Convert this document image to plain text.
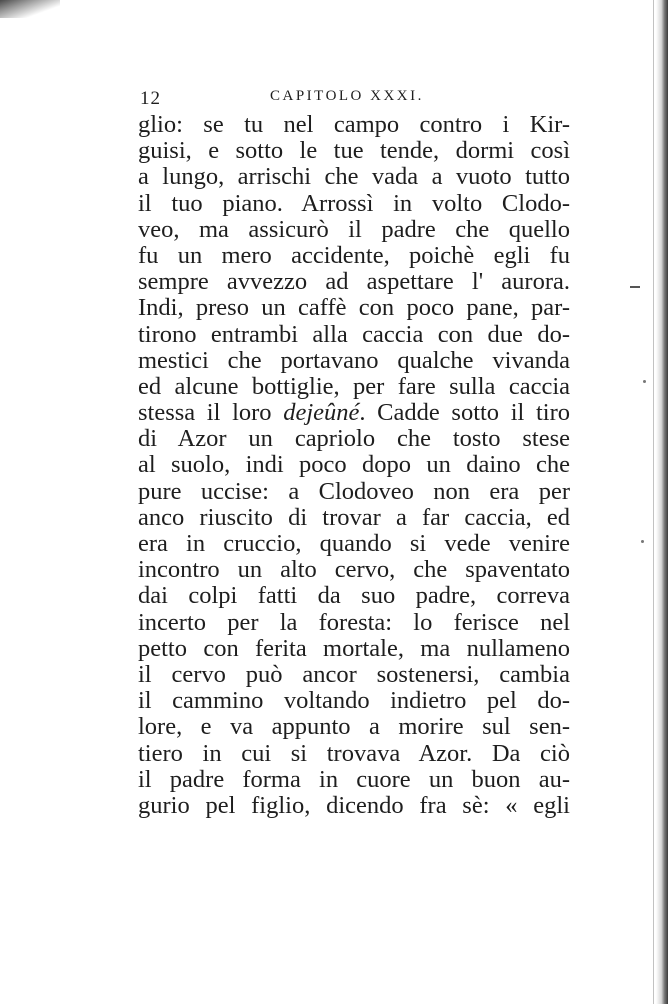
12	CAPITOLO XXXI.
glio: se tu nel campo contro i Kir-
guisi, e sotto le tue tende, dormi così
a lungo, arrischi che vada a vuoto tutto
il tuo piano. Arrossì in volto Clodo-
veo, ma assicurò il padre che quello
fu un mero accidente, poichè egli fu
sempre avvezzo ad aspettare l' aurora.
Indi, preso un caffè con poco pane, par-
tirono entrambi alla caccia con due do-
mestici che portavano qualche vivanda
ed alcune bottiglie, per fare sulla caccia
stessa il loro dejeûné. Cadde sotto il tiro
di Azor un capriolo che tosto stese
al suolo, indi poco dopo un daino che
pure uccise: a Clodoveo non era per
anco riuscito di trovar a far caccia, ed
era in cruccio, quando si vede venire
incontro un alto cervo, che spaventato
dai colpi fatti da suo padre, correva
incerto per la foresta: lo ferisce nel
petto con ferita mortale, ma nullameno
il cervo può ancor sostenersi, cambia
il cammino voltando indietro pel do-
lore, e va appunto a morire sul sen-
tiero in cui si trovava Azor. Da ciò
il padre forma in cuore un buon au-
gurio pel figlio, dicendo fra sè: « egli
